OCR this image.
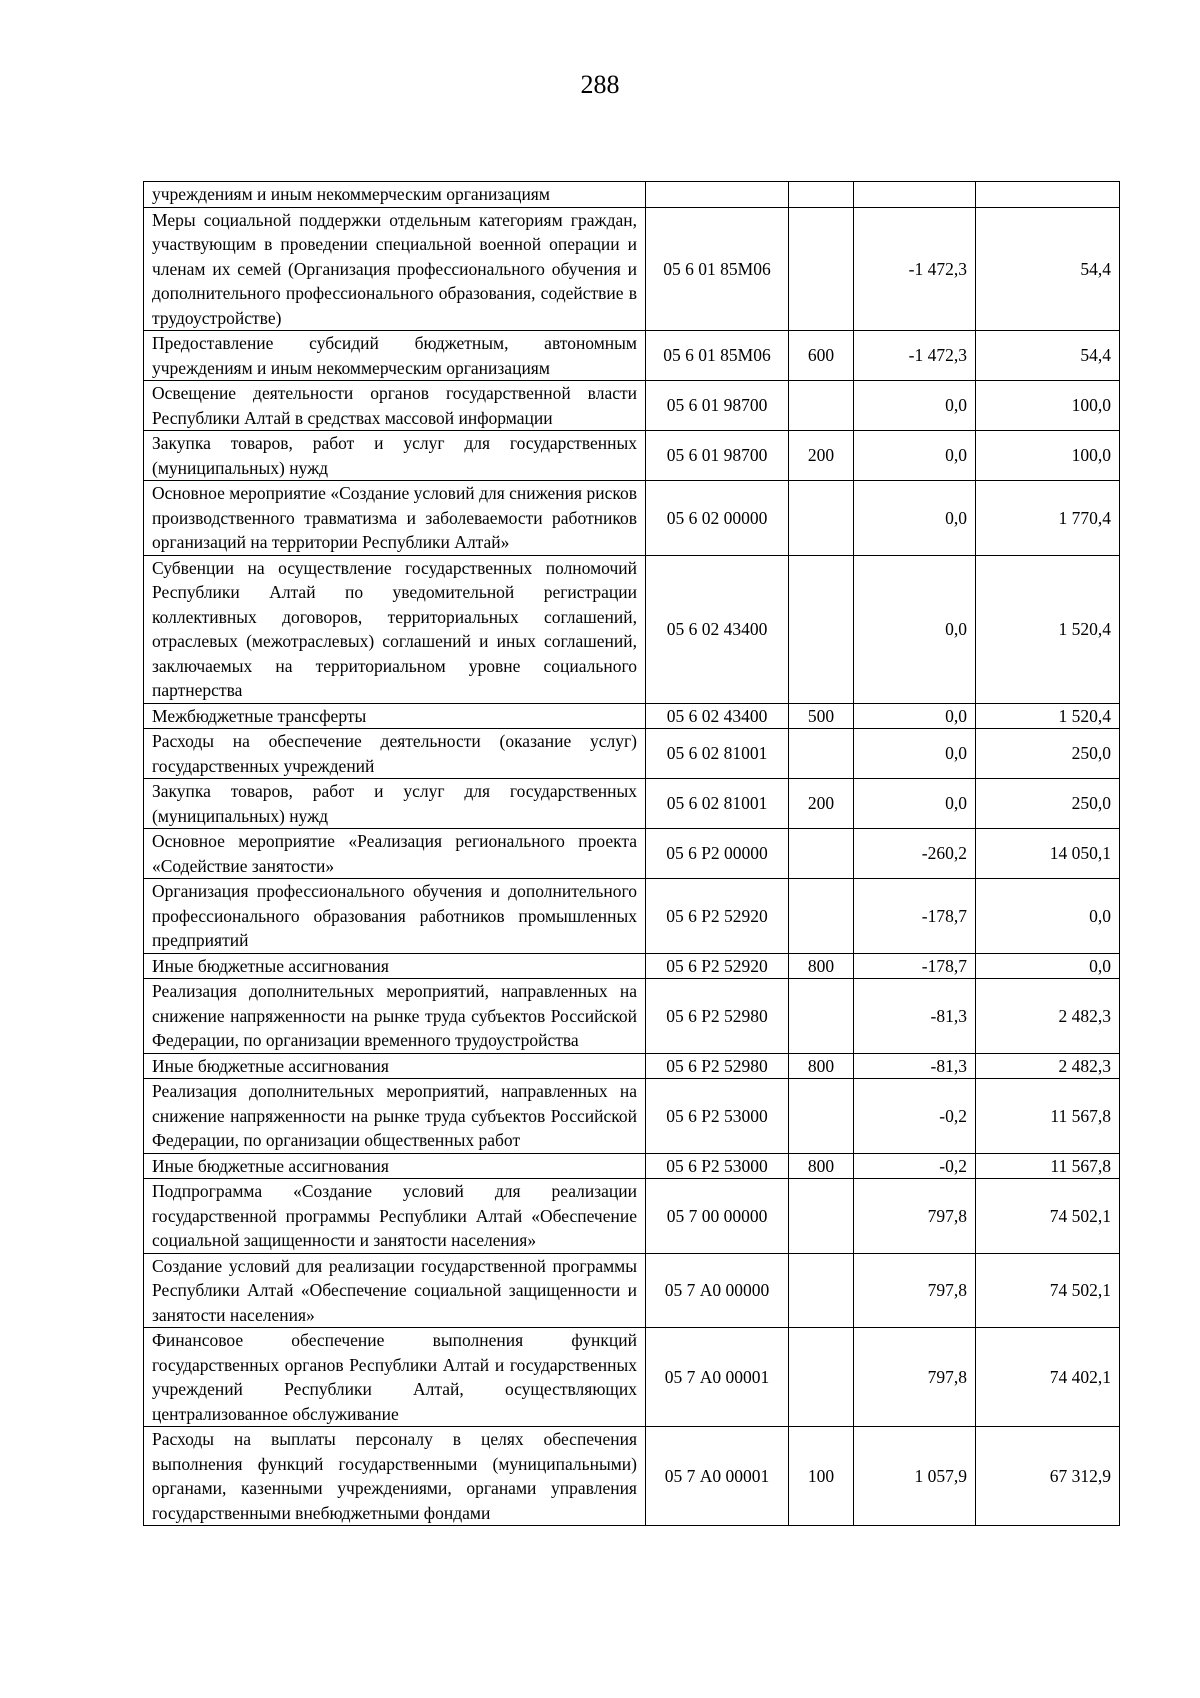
288
учреждениям и иным некоммерческим организациям				
Меры социальной поддержки отдельным категориям граждан, участвующим в проведении специальной военной операции и членам их семей (Организация профессионального обучения и дополнительного профессионального образования, содействие в трудоустройстве)	05 6 01 85М06		-1 472,3	54,4
Предоставление субсидий бюджетным, автономным учреждениям и иным некоммерческим организациям	05 6 01 85М06	600	-1 472,3	54,4
Освещение деятельности органов государственной власти Республики Алтай в средствах массовой информации	05 6 01 98700		0,0	100,0
Закупка товаров, работ и услуг для государственных (муниципальных) нужд	05 6 01 98700	200	0,0	100,0
Основное мероприятие «Создание условий для снижения рисков производственного травматизма и заболеваемости работников организаций на территории Республики Алтай»	05 6 02 00000		0,0	1 770,4
Субвенции на осуществление государственных полномочий Республики Алтай по уведомительной регистрации коллективных договоров, территориальных соглашений, отраслевых (межотраслевых) соглашений и иных соглашений, заключаемых на территориальном уровне социального партнерства	05 6 02 43400		0,0	1 520,4
Межбюджетные трансферты	05 6 02 43400	500	0,0	1 520,4
Расходы на обеспечение деятельности (оказание услуг) государственных учреждений	05 6 02 81001		0,0	250,0
Закупка товаров, работ и услуг для государственных (муниципальных) нужд	05 6 02 81001	200	0,0	250,0
Основное мероприятие «Реализация регионального проекта «Содействие занятости»	05 6 P2 00000		-260,2	14 050,1
Организация профессионального обучения и дополнительного профессионального образования работников промышленных предприятий	05 6 P2 52920		-178,7	0,0
Иные бюджетные ассигнования	05 6 P2 52920	800	-178,7	0,0
Реализация дополнительных мероприятий, направленных на снижение напряженности на рынке труда субъектов Российской Федерации, по организации временного трудоустройства	05 6 P2 52980		-81,3	2 482,3
Иные бюджетные ассигнования	05 6 P2 52980	800	-81,3	2 482,3
Реализация дополнительных мероприятий, направленных на снижение напряженности на рынке труда субъектов Российской Федерации, по организации общественных работ	05 6 P2 53000		-0,2	11 567,8
Иные бюджетные ассигнования	05 6 P2 53000	800	-0,2	11 567,8
Подпрограмма «Создание условий для реализации государственной программы Республики Алтай «Обеспечение социальной защищенности и занятости населения»	05 7 00 00000		797,8	74 502,1
Создание условий для реализации государственной программы Республики Алтай «Обеспечение социальной защищенности и занятости населения»	05 7 А0 00000		797,8	74 502,1
Финансовое обеспечение выполнения функций государственных органов Республики Алтай и государственных учреждений Республики Алтай, осуществляющих централизованное обслуживание	05 7 А0 00001		797,8	74 402,1
Расходы на выплаты персоналу в целях обеспечения выполнения функций государственными (муниципальными) органами, казенными учреждениями, органами управления государственными внебюджетными фондами	05 7 А0 00001	100	1 057,9	67 312,9
